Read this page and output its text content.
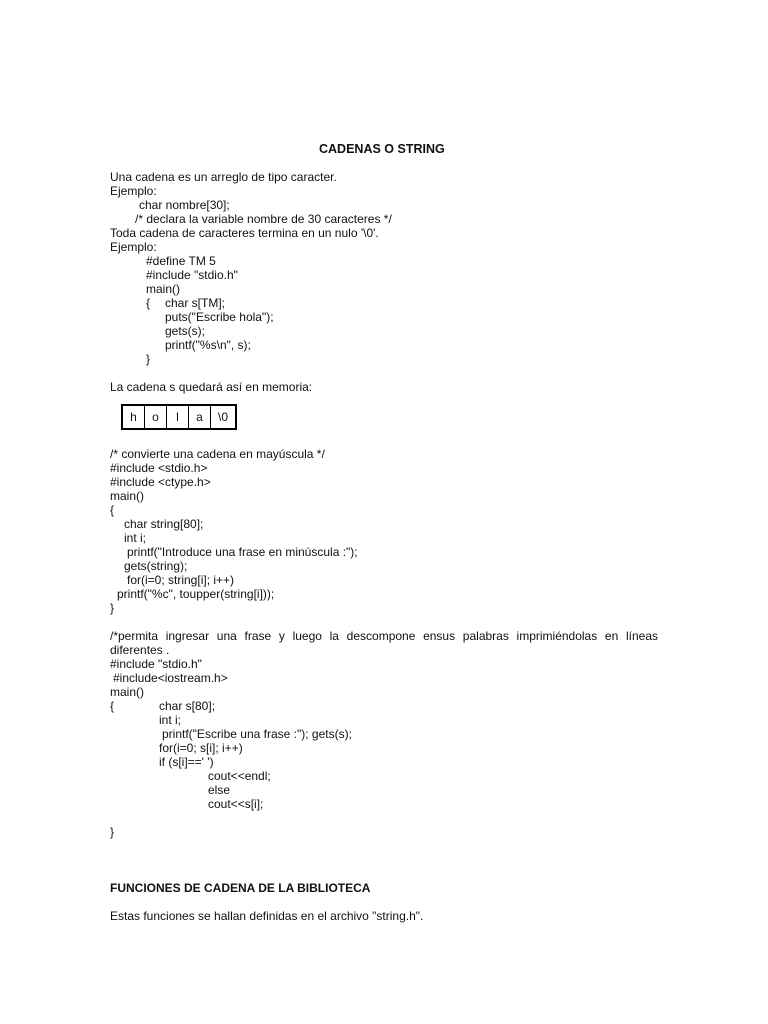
CADENAS O STRING
Una cadena es un arreglo de tipo caracter.
Ejemplo:
char nombre[30];
/* declara la variable nombre de 30 caracteres */
Toda cadena de caracteres termina en un nulo '\0'.
Ejemplo:
#define TM 5
#include "stdio.h"
main()
{ char s[TM];
puts("Escribe hola");
gets(s);
printf("%s\n", s);
}
La cadena s quedará así en memoria:
h	o	l	a	\0
/* convierte una cadena en mayúscula */
#include <stdio.h>
#include <ctype.h>
main()
{
char string[80];
int i;
printf("Introduce una frase en minúscula :");
gets(string);
for(i=0; string[i]; i++)
printf("%c", toupper(string[i]));
}
/*permita ingresar una frase y luego la descompone ensus palabras imprimiéndolas en líneas
diferentes .
#include "stdio.h"
#include<iostream.h>
main()
{	char s[80];
int i;
printf("Escribe una frase :"); gets(s);
for(i=0; s[i]; i++)
if (s[i]==' ')
cout<<endl;
else
cout<<s[i];
}
FUNCIONES DE CADENA DE LA BIBLIOTECA
Estas funciones se hallan definidas en el archivo "string.h".
